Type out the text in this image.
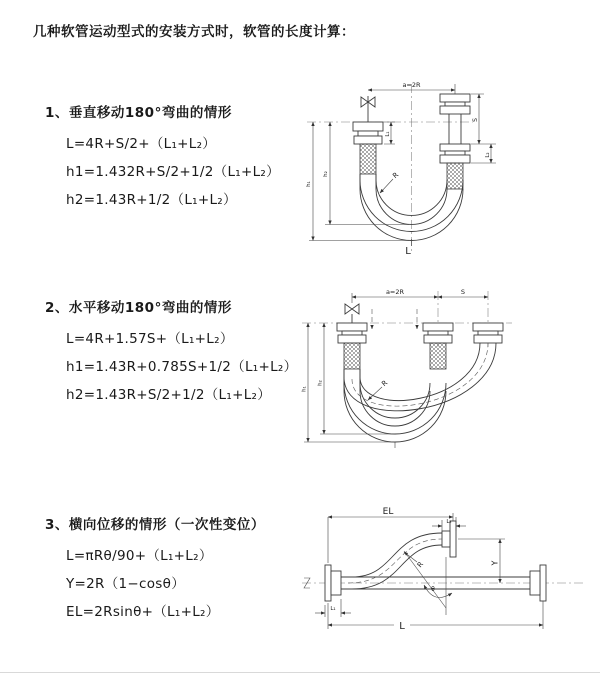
几种软管运动型式的安装方式时，软管的长度计算：
1、垂直移动180°弯曲的情形
L=4R+S/2+（L₁+L₂）
h1=1.432R+S/2+1/2（L₁+L₂）
h2=1.43R+1/2（L₁+L₂）
a=2R
h₁
h₂
L₁
S
L₂
R
L
2、水平移动180°弯曲的情形
L=4R+1.57S+（L₁+L₂）
h1=1.43R+0.785S+1/2（L₁+L₂）
h2=1.43R+S/2+1/2（L₁+L₂）
a=2R	S
h₁
h₂	R
3、横向位移的情形（一次性变位）
L=πRθ/90+（L₁+L₂）
Y=2R（1−cosθ）
EL=2Rsinθ+（L₁+L₂）
EL
L₂
Y
R
θ
L
L₁
